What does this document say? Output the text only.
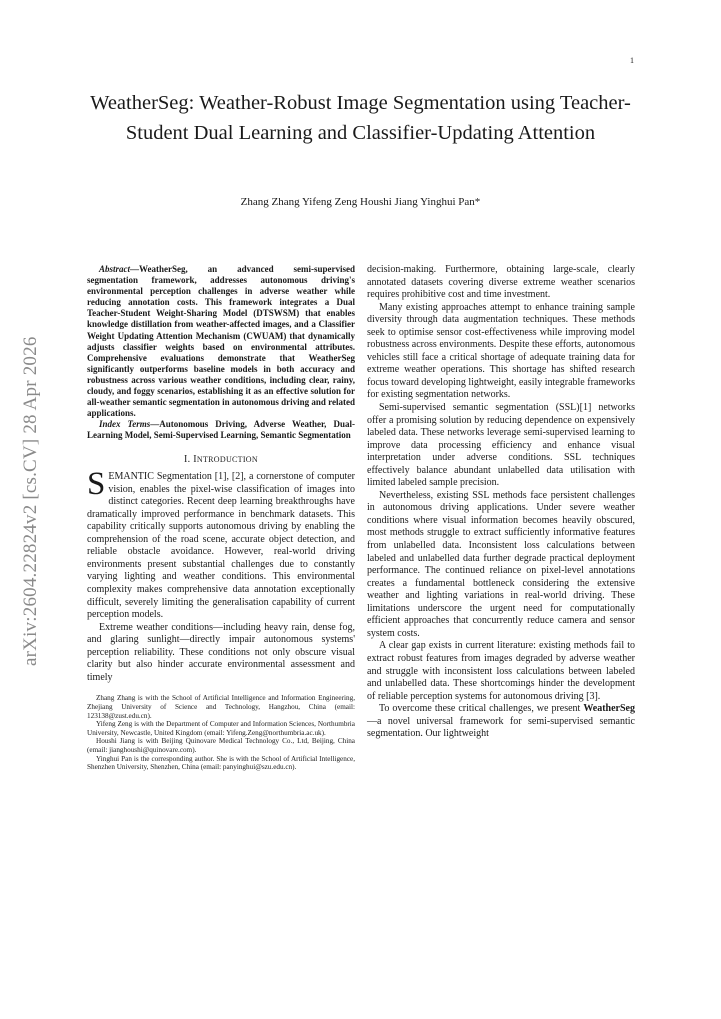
1
arXiv:2604.22824v2 [cs.CV] 28 Apr 2026
WeatherSeg: Weather-Robust Image Segmentation using Teacher-Student Dual Learning and Classifier-Updating Attention
Zhang Zhang Yifeng Zeng Houshi Jiang Yinghui Pan*

Abstract—WeatherSeg, an advanced semi-supervised segmentation framework, addresses autonomous driving's environmental perception challenges in adverse weather while reducing annotation costs. This framework integrates a Dual Teacher-Student Weight-Sharing Model (DTSWSM) that enables knowledge distillation from weather-affected images, and a Classifier Weight Updating Attention Mechanism (CWUAM) that dynamically adjusts classifier weights based on environmental attributes. Comprehensive evaluations demonstrate that WeatherSeg significantly outperforms baseline models in both accuracy and robustness across various weather conditions, including clear, rainy, cloudy, and foggy scenarios, establishing it as an effective solution for all-weather semantic segmentation in autonomous driving and related applications.

Index Terms—Autonomous Driving, Adverse Weather, Dual-Learning Model, Semi-Supervised Learning, Semantic Segmentation

I. INTRODUCTION

SEMANTIC Segmentation [1], [2], a cornerstone of computer vision, enables the pixel-wise classification of images into distinct categories. Recent deep learning breakthroughs have dramatically improved performance in benchmark datasets. This capability critically supports autonomous driving by enabling the comprehension of the road scene, accurate object detection, and reliable obstacle avoidance. However, real-world driving environments present substantial challenges due to constantly varying lighting and weather conditions. This environmental complexity makes comprehensive data annotation exceptionally difficult, severely limiting the generalisation capability of current perception models.

Extreme weather conditions—including heavy rain, dense fog, and glaring sunlight—directly impair autonomous systems' perception reliability. These conditions not only obscure visual clarity but also hinder accurate environmental assessment and timely

Zhang Zhang is with the School of Artificial Intelligence and Information Engineering, Zhejiang University of Science and Technology, Hangzhou, China (email: 123138@zust.edu.cn).

Yifeng Zeng is with the Department of Computer and Information Sciences, Northumbria University, Newcastle, United Kingdom (email: Yifeng.Zeng@northumbria.ac.uk).

Houshi Jiang is with Beijing Quinovare Medical Technology Co., Ltd, Beijing, China (email: jianghoushi@quinovare.com).

Yinghui Pan is the corresponding author. She is with the School of Artificial Intelligence, Shenzhen University, Shenzhen, China (email: panyinghui@szu.edu.cn).

decision-making. Furthermore, obtaining large-scale, clearly annotated datasets covering diverse extreme weather scenarios requires prohibitive cost and time investment.

Many existing approaches attempt to enhance training sample diversity through data augmentation techniques. These methods seek to optimise sensor cost-effectiveness while improving model robustness across environments. Despite these efforts, autonomous vehicles still face a critical shortage of adequate training data for extreme weather operations. This shortage has shifted research focus toward developing lightweight, easily integrable frameworks for existing segmentation networks.

Semi-supervised semantic segmentation (SSL)[1] networks offer a promising solution by reducing dependence on expensively labeled data. These networks leverage semi-supervised learning to improve data processing efficiency and enhance visual interpretation under adverse conditions. SSL techniques effectively balance abundant unlabelled data utilisation with limited labeled sample precision.

Nevertheless, existing SSL methods face persistent challenges in autonomous driving applications. Under severe weather conditions where visual information becomes heavily obscured, most methods struggle to extract sufficiently informative features from unlabelled data. Inconsistent loss calculations between labeled and unlabelled data further degrade practical deployment performance. The continued reliance on pixel-level annotations creates a fundamental bottleneck considering the extensive weather and lighting variations in real-world driving. These limitations underscore the urgent need for computationally efficient approaches that concurrently reduce camera and sensor system costs.

A clear gap exists in current literature: existing methods fail to extract robust features from images degraded by adverse weather and struggle with inconsistent loss calculations between labeled and unlabelled data. These shortcomings hinder the development of reliable perception systems for autonomous driving [3].

To overcome these critical challenges, we present WeatherSeg—a novel universal framework for semi-supervised semantic segmentation. Our lightweight
